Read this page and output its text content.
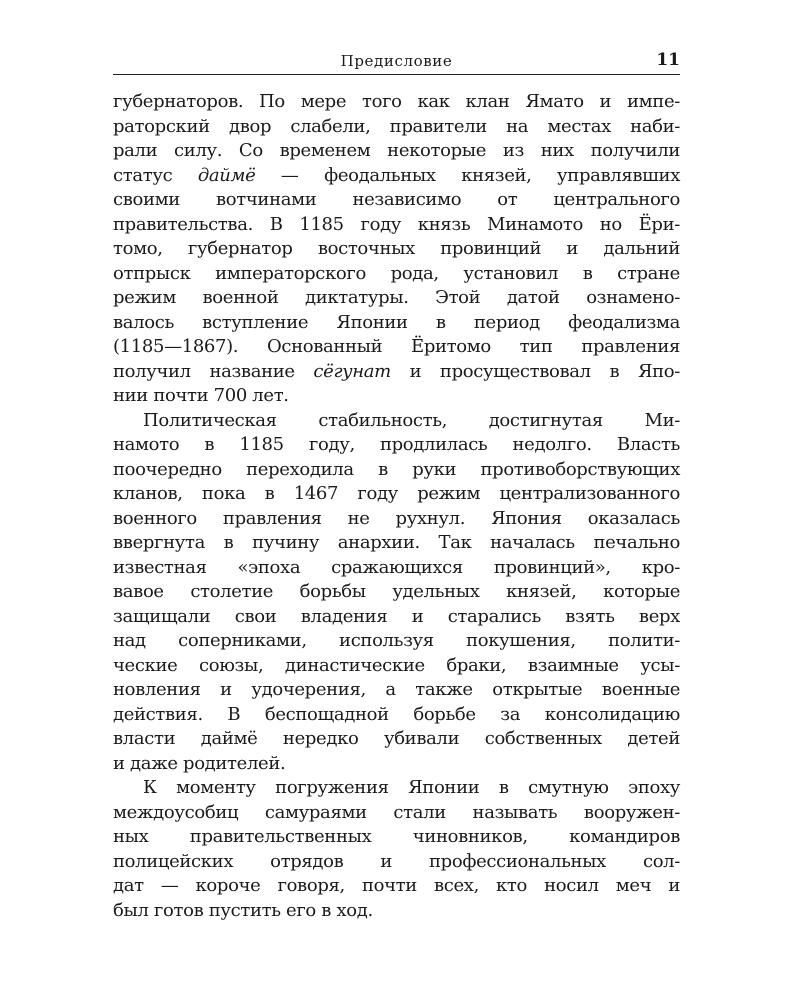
Предисловие	11
губернаторов. По мере того как клан Ямато и импе-
раторский двор слабели, правители на местах наби-
рали силу. Со временем некоторые из них получили
статус даймё — феодальных князей, управлявших
своими вотчинами независимо от центрального
правительства. В 1185 году князь Минамото но Ёри-
томо, губернатор восточных провинций и дальний
отпрыск императорского рода, установил в стране
режим военной диктатуры. Этой датой ознамено-
валось вступление Японии в период феодализма
(1185—1867). Основанный Ёритомо тип правления
получил название сёгунат и просуществовал в Япо-
нии почти 700 лет.
Политическая стабильность, достигнутая Ми-
намото в 1185 году, продлилась недолго. Власть
поочередно переходила в руки противоборствующих
кланов, пока в 1467 году режим централизованного
военного правления не рухнул. Япония оказалась
ввергнута в пучину анархии. Так началась печально
известная «эпоха сражающихся провинций», кро-
вавое столетие борьбы удельных князей, которые
защищали свои владения и старались взять верх
над соперниками, используя покушения, полити-
ческие союзы, династические браки, взаимные усы-
новления и удочерения, а также открытые военные
действия. В беспощадной борьбе за консолидацию
власти даймё нередко убивали собственных детей
и даже родителей.
К моменту погружения Японии в смутную эпоху
междоусобиц самураями стали называть вооружен-
ных правительственных чиновников, командиров
полицейских отрядов и профессиональных сол-
дат — короче говоря, почти всех, кто носил меч и
был готов пустить его в ход.
